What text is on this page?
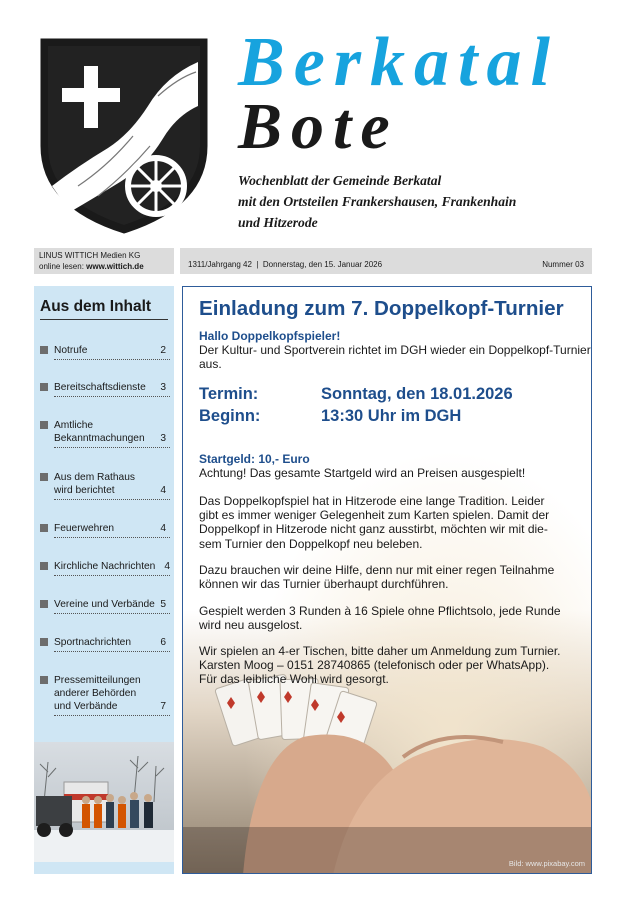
Berkatal
Bote
Wochenblatt der Gemeinde Berkatal
mit den Ortsteilen Frankershausen, Frankenhain
und Hitzerode
LINUS WITTICH Medien KG
online lesen: www.wittich.de	1311/Jahrgang 42  |  Donnerstag, den 15. Januar 2026	Nummer 03
Aus dem Inhalt
Notrufe	2
Bereitschaftsdienste	3
Amtliche
Bekanntmachungen	3
Aus dem Rathaus
wird berichtet	4
Feuerwehren	4
Kirchliche Nachrichten 4
Vereine und Verbände 5
Sportnachrichten	6
Pressemitteilungen
anderer Behörden
und Verbände	7
Einladung zum 7. Doppelkopf-Turnier
Hallo Doppelkopfspieler!
Der Kultur- und Sportverein richtet im DGH wieder ein Doppelkopf-Turnier
aus.
Termin:	Sonntag, den 18.01.2026
Beginn:	13:30 Uhr im DGH
Startgeld: 10,- Euro
Achtung! Das gesamte Startgeld wird an Preisen ausgespielt!
Das Doppelkopfspiel hat in Hitzerode eine lange Tradition. Leider
gibt es immer weniger Gelegenheit zum Karten spielen. Damit der
Doppelkopf in Hitzerode nicht ganz ausstirbt, möchten wir mit die-
sem Turnier den Doppelkopf neu beleben.
Dazu brauchen wir deine Hilfe, denn nur mit einer regen Teilnahme
können wir das Turnier überhaupt durchführen.
Gespielt werden 3 Runden à 16 Spiele ohne Pflichtsolo, jede Runde
wird neu ausgelost.
Wir spielen an 4-er Tischen, bitte daher um Anmeldung zum Turnier.
Karsten Moog – 0151 28740865 (telefonisch oder per WhatsApp).
Für das leibliche Wohl wird gesorgt.
Bild: www.pixabay.com
